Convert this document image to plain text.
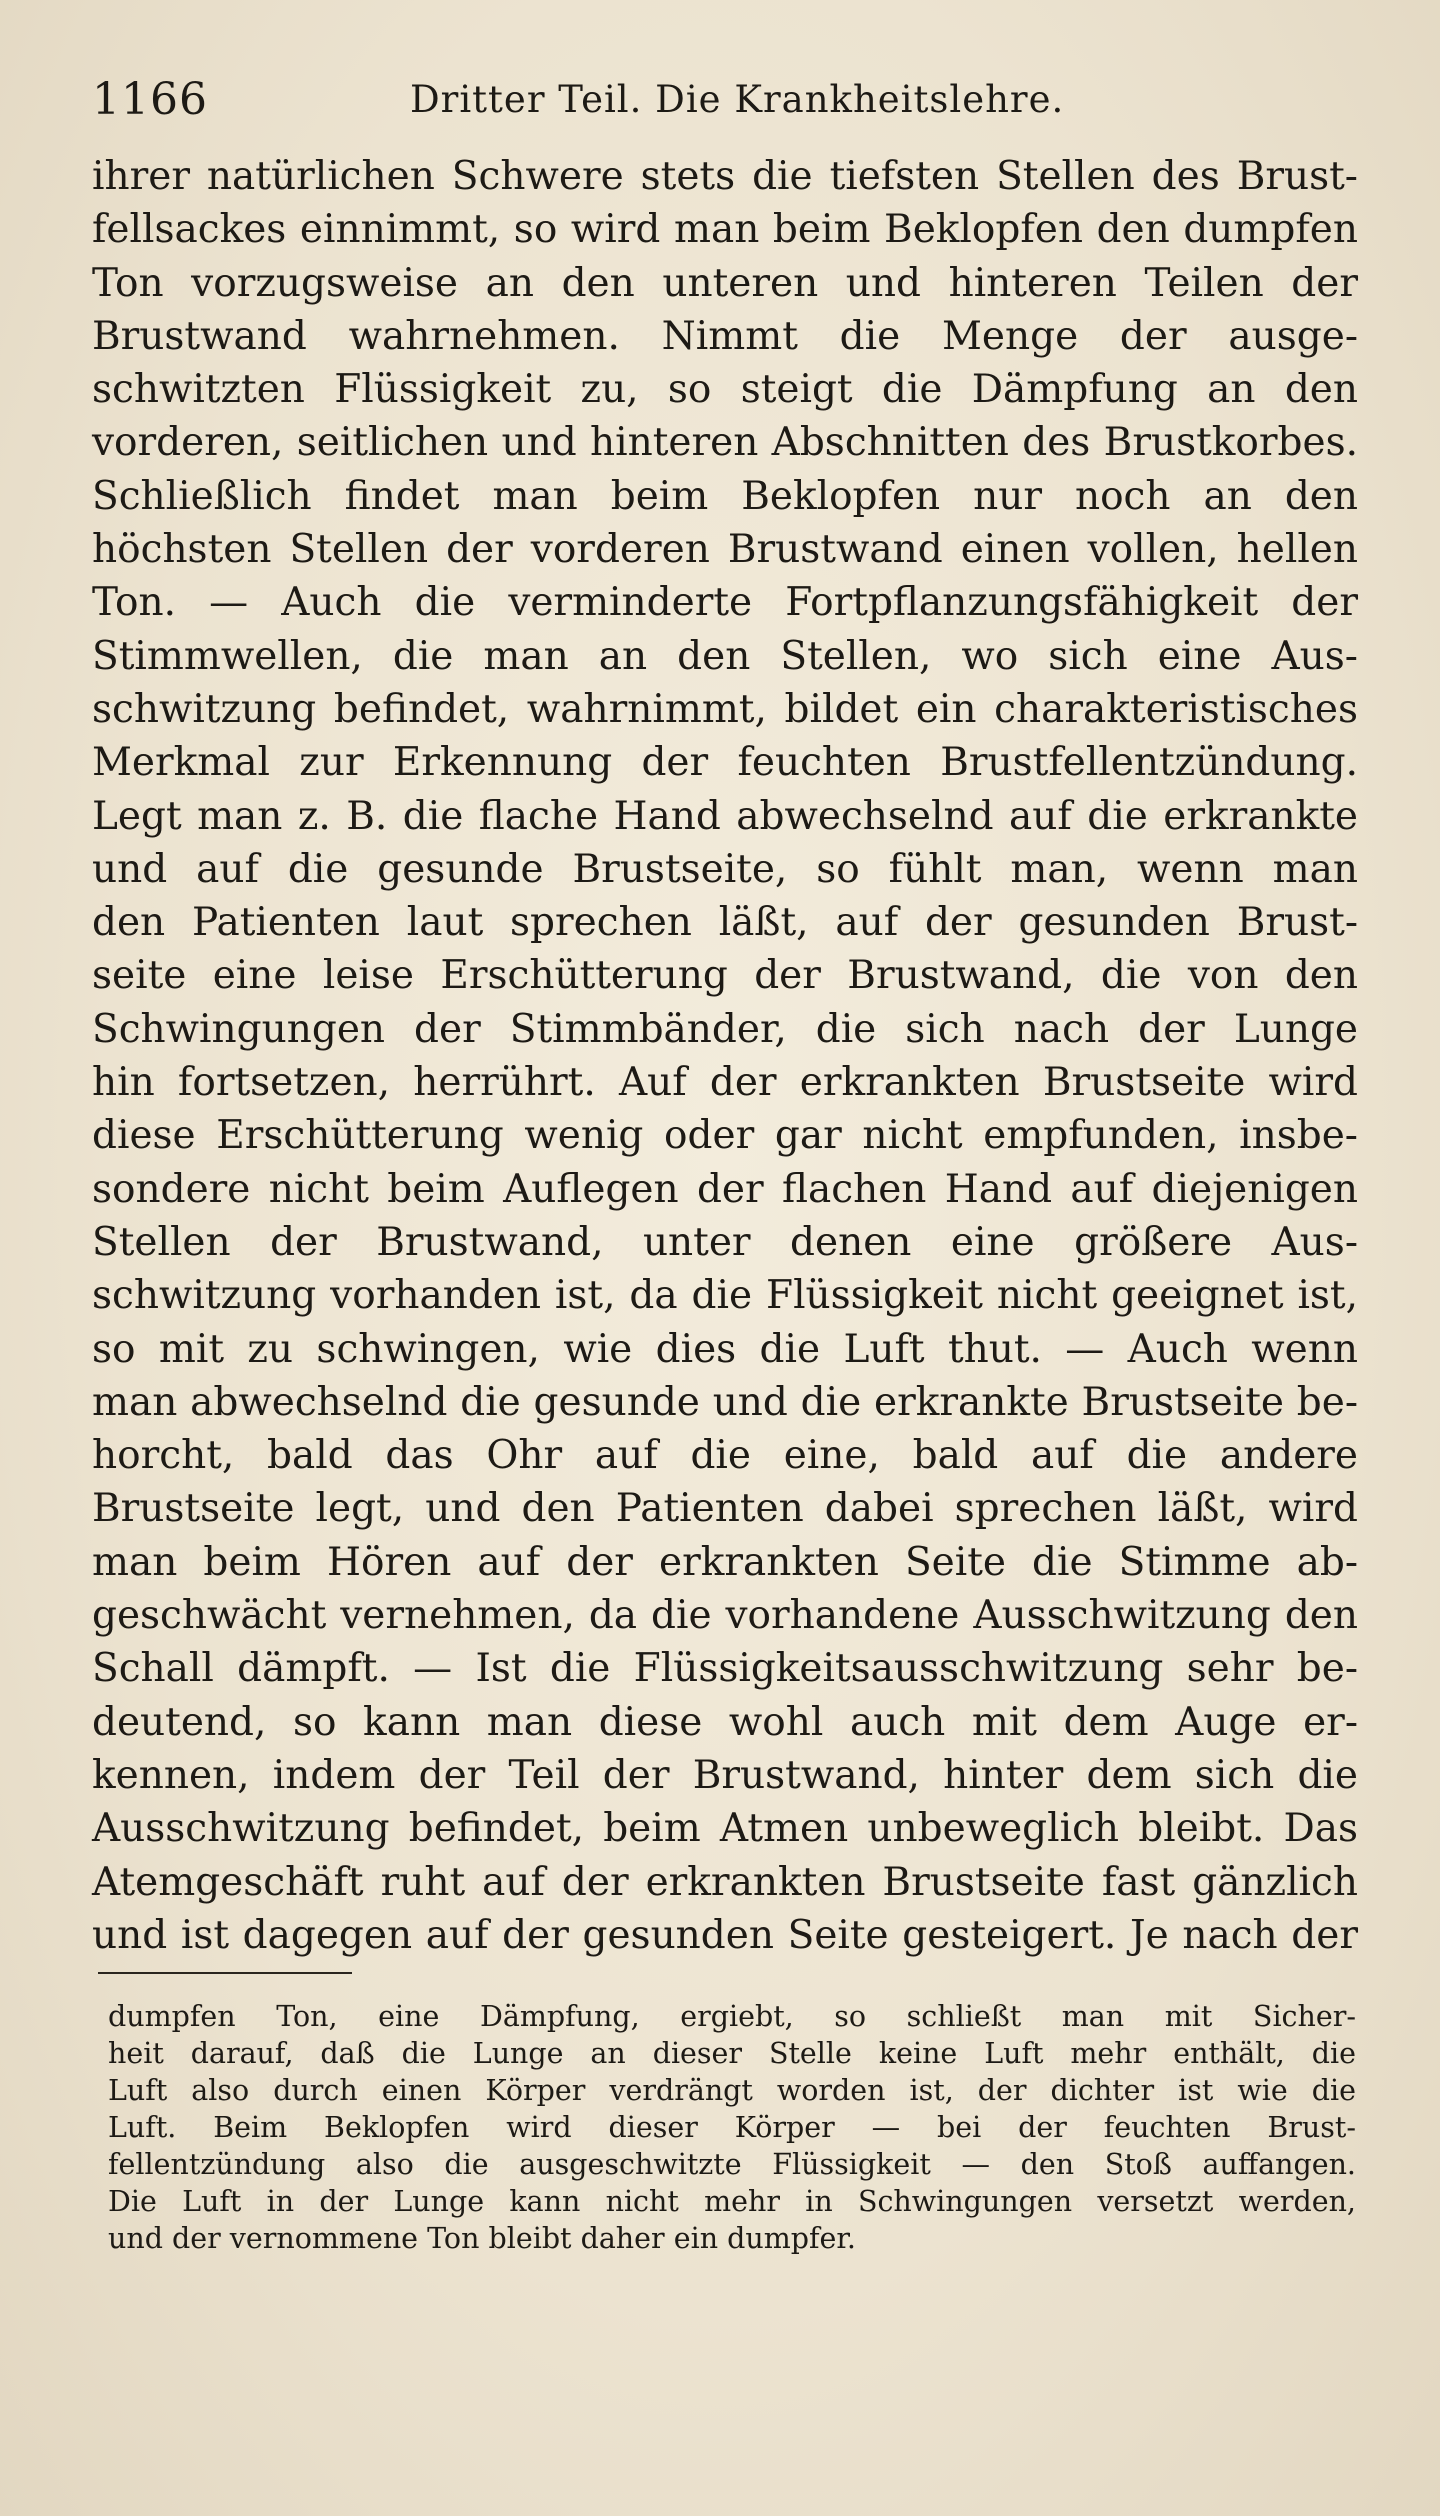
1166	Dritter Teil. Die Krankheitslehre.
ihrer natürlichen Schwere stets die tiefsten Stellen des Brust-
fellsackes einnimmt, so wird man beim Beklopfen den dumpfen
Ton vorzugsweise an den unteren und hinteren Teilen der
Brustwand wahrnehmen. Nimmt die Menge der ausge-
schwitzten Flüssigkeit zu, so steigt die Dämpfung an den
vorderen, seitlichen und hinteren Abschnitten des Brustkorbes.
Schließlich findet man beim Beklopfen nur noch an den
höchsten Stellen der vorderen Brustwand einen vollen, hellen
Ton. — Auch die verminderte Fortpflanzungsfähigkeit der
Stimmwellen, die man an den Stellen, wo sich eine Aus-
schwitzung befindet, wahrnimmt, bildet ein charakteristisches
Merkmal zur Erkennung der feuchten Brustfellentzündung.
Legt man z. B. die flache Hand abwechselnd auf die erkrankte
und auf die gesunde Brustseite, so fühlt man, wenn man
den Patienten laut sprechen läßt, auf der gesunden Brust-
seite eine leise Erschütterung der Brustwand, die von den
Schwingungen der Stimmbänder, die sich nach der Lunge
hin fortsetzen, herrührt. Auf der erkrankten Brustseite wird
diese Erschütterung wenig oder gar nicht empfunden, insbe-
sondere nicht beim Auflegen der flachen Hand auf diejenigen
Stellen der Brustwand, unter denen eine größere Aus-
schwitzung vorhanden ist, da die Flüssigkeit nicht geeignet ist,
so mit zu schwingen, wie dies die Luft thut. — Auch wenn
man abwechselnd die gesunde und die erkrankte Brustseite be-
horcht, bald das Ohr auf die eine, bald auf die andere
Brustseite legt, und den Patienten dabei sprechen läßt, wird
man beim Hören auf der erkrankten Seite die Stimme ab-
geschwächt vernehmen, da die vorhandene Ausschwitzung den
Schall dämpft. — Ist die Flüssigkeitsausschwitzung sehr be-
deutend, so kann man diese wohl auch mit dem Auge er-
kennen, indem der Teil der Brustwand, hinter dem sich die
Ausschwitzung befindet, beim Atmen unbeweglich bleibt. Das
Atemgeschäft ruht auf der erkrankten Brustseite fast gänzlich
und ist dagegen auf der gesunden Seite gesteigert. Je nach der
dumpfen Ton, eine Dämpfung, ergiebt, so schließt man mit Sicher-
heit darauf, daß die Lunge an dieser Stelle keine Luft mehr enthält, die
Luft also durch einen Körper verdrängt worden ist, der dichter ist wie die
Luft. Beim Beklopfen wird dieser Körper — bei der feuchten Brust-
fellentzündung also die ausgeschwitzte Flüssigkeit — den Stoß auffangen.
Die Luft in der Lunge kann nicht mehr in Schwingungen versetzt werden,
und der vernommene Ton bleibt daher ein dumpfer.
